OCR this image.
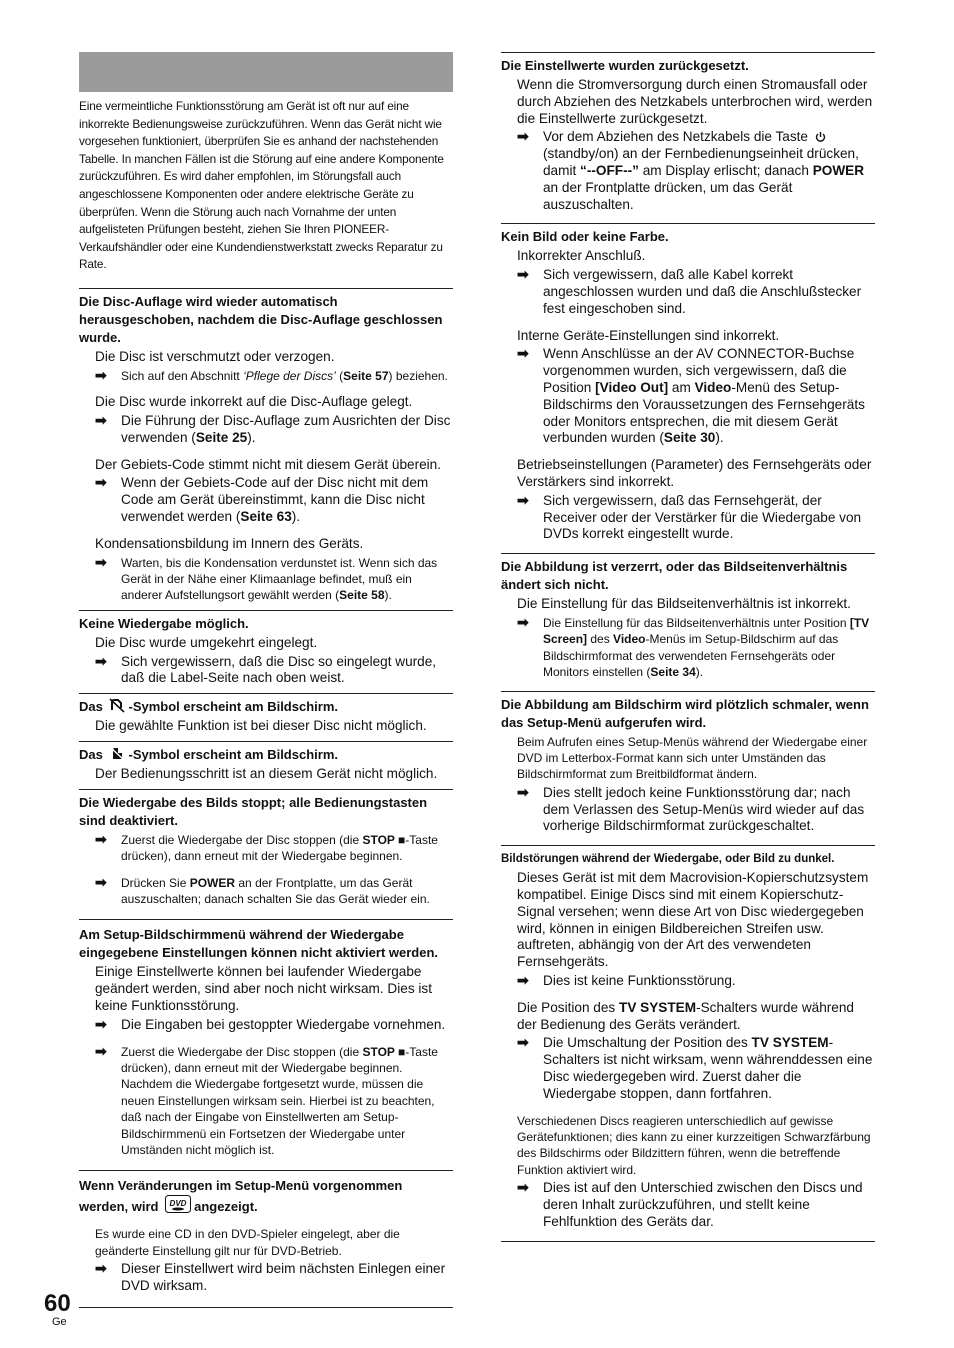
Eine vermeintliche Funktionsstörung am Gerät ist oft nur auf eine inkorrekte Bedienungsweise zurückzuführen. Wenn das Gerät nicht wie vorgesehen funktioniert, überprüfen Sie es anhand der nachstehenden Tabelle. In manchen Fällen ist die Störung auf eine andere Komponente zurückzuführen. Es wird daher empfohlen, im Störungsfall auch angeschlossene Komponenten oder andere elektrische Geräte zu überprüfen. Wenn die Störung auch nach Vornahme der unten aufgelisteten Prüfungen besteht, ziehen Sie Ihren PIONEER-Verkaufshändler oder eine Kundendienstwerkstatt zwecks Reparatur zu Rate.

Die Disc-Auflage wird wieder automatisch herausgeschoben, nachdem die Disc-Auflage geschlossen wurde.
Die Disc ist verschmutzt oder verzogen.
➡ Sich auf den Abschnitt ‘Pflege der Discs’ (Seite 57) beziehen.
Die Disc wurde inkorrekt auf die Disc-Auflage gelegt.
➡ Die Führung der Disc-Auflage zum Ausrichten der Disc verwenden (Seite 25).
Der Gebiets-Code stimmt nicht mit diesem Gerät überein.
➡ Wenn der Gebiets-Code auf der Disc nicht mit dem Code am Gerät übereinstimmt, kann die Disc nicht verwendet werden (Seite 63).
Kondensationsbildung im Innern des Geräts.
➡ Warten, bis die Kondensation verdunstet ist. Wenn sich das Gerät in der Nähe einer Klimaanlage befindet, muß ein anderer Aufstellungsort gewählt werden (Seite 58).
Keine Wiedergabe möglich.
Die Disc wurde umgekehrt eingelegt.
➡ Sich vergewissern, daß die Disc so eingelegt wurde, daß die Label-Seite nach oben weist.
Das -Symbol erscheint am Bildschirm.
Die gewählte Funktion ist bei dieser Disc nicht möglich.
Das -Symbol erscheint am Bildschirm.
Der Bedienungsschritt ist an diesem Gerät nicht möglich.
Die Wiedergabe des Bilds stoppt; alle Bedienungstasten sind deaktiviert.
➡ Zuerst die Wiedergabe der Disc stoppen (die STOP ■-Taste drücken), dann erneut mit der Wiedergabe beginnen.
➡ Drücken Sie POWER an der Frontplatte, um das Gerät auszuschalten; danach schalten Sie das Gerät wieder ein.
Am Setup-Bildschirmmenü während der Wiedergabe eingegebene Einstellungen können nicht aktiviert werden.
Einige Einstellwerte können bei laufender Wiedergabe geändert werden, sind aber noch nicht wirksam. Dies ist keine Funktionsstörung.
➡ Die Eingaben bei gestoppter Wiedergabe vornehmen.
➡ Zuerst die Wiedergabe der Disc stoppen (die STOP ■-Taste drücken), dann erneut mit der Wiedergabe beginnen. Nachdem die Wiedergabe fortgesetzt wurde, müssen die neuen Einstellungen wirksam sein. Hierbei ist zu beachten, daß nach der Eingabe von Einstellwerten am Setup-Bildschirmmenü ein Fortsetzen der Wiedergabe unter Umständen nicht möglich ist.
Wenn Veränderungen im Setup-Menü vorgenommen werden, wird DVD angezeigt.
Es wurde eine CD in den DVD-Spieler eingelegt, aber die geänderte Einstellung gilt nur für DVD-Betrieb.
➡ Dieser Einstellwert wird beim nächsten Einlegen einer DVD wirksam.
Die Einstellwerte wurden zurückgesetzt.
Wenn die Stromversorgung durch einen Stromausfall oder durch Abziehen des Netzkabels unterbrochen wird, werden die Einstellwerte zurückgesetzt.
➡ Vor dem Abziehen des Netzkabels die Taste (standby/on) an der Fernbedienungseinheit drücken, damit “--OFF--” am Display erlischt; danach POWER an der Frontplatte drücken, um das Gerät auszuschalten.
Kein Bild oder keine Farbe.
Inkorrekter Anschluß.
➡ Sich vergewissern, daß alle Kabel korrekt angeschlossen wurden und daß die Anschlußstecker fest eingeschoben sind.
Interne Geräte-Einstellungen sind inkorrekt.
➡ Wenn Anschlüsse an der AV CONNECTOR-Buchse vorgenommen wurden, sich vergewissern, daß die Position [Video Out] am Video-Menü des Setup-Bildschirms den Voraussetzungen des Fernsehgeräts oder Monitors entsprechen, die mit diesem Gerät verbunden wurden (Seite 30).
Betriebseinstellungen (Parameter) des Fernsehgeräts oder Verstärkers sind inkorrekt.
➡ Sich vergewissern, daß das Fernsehgerät, der Receiver oder der Verstärker für die Wiedergabe von DVDs korrekt eingestellt wurde.
Die Abbildung ist verzerrt, oder das Bildseitenverhältnis ändert sich nicht.
Die Einstellung für das Bildseitenverhältnis ist inkorrekt.
➡ Die Einstellung für das Bildseitenverhältnis unter Position [TV Screen] des Video-Menüs im Setup-Bildschirm auf das Bildschirmformat des verwendeten Fernsehgeräts oder Monitors einstellen (Seite 34).
Die Abbildung am Bildschirm wird plötzlich schmaler, wenn das Setup-Menü aufgerufen wird.
Beim Aufrufen eines Setup-Menüs während der Wiedergabe einer DVD im Letterbox-Format kann sich unter Umständen das Bildschirmformat zum Breitbildformat ändern.
➡ Dies stellt jedoch keine Funktionsstörung dar; nach dem Verlassen des Setup-Menüs wird wieder auf das vorherige Bildschirmformat zurückgeschaltet.
Bildstörungen während der Wiedergabe, oder Bild zu dunkel.
Dieses Gerät ist mit dem Macrovision-Kopierschutzsystem kompatibel. Einige Discs sind mit einem Kopierschutz-Signal versehen; wenn diese Art von Disc wiedergegeben wird, können in einigen Bildbereichen Streifen usw. auftreten, abhängig von der Art des verwendeten Fernsehgeräts.
➡ Dies ist keine Funktionsstörung.
Die Position des TV SYSTEM-Schalters wurde während der Bedienung des Geräts verändert.
➡ Die Umschaltung der Position des TV SYSTEM-Schalters ist nicht wirksam, wenn währenddessen eine Disc wiedergegeben wird. Zuerst daher die Wiedergabe stoppen, dann fortfahren.
Verschiedenen Discs reagieren unterschiedlich auf gewisse Gerätefunktionen; dies kann zu einer kurzzeitigen Schwarzfärbung des Bildschirms oder Bildzittern führen, wenn die betreffende Funktion aktiviert wird.
➡ Dies ist auf den Unterschied zwischen den Discs und deren Inhalt zurückzuführen, und stellt keine Fehlfunktion des Geräts dar.
60
Ge
